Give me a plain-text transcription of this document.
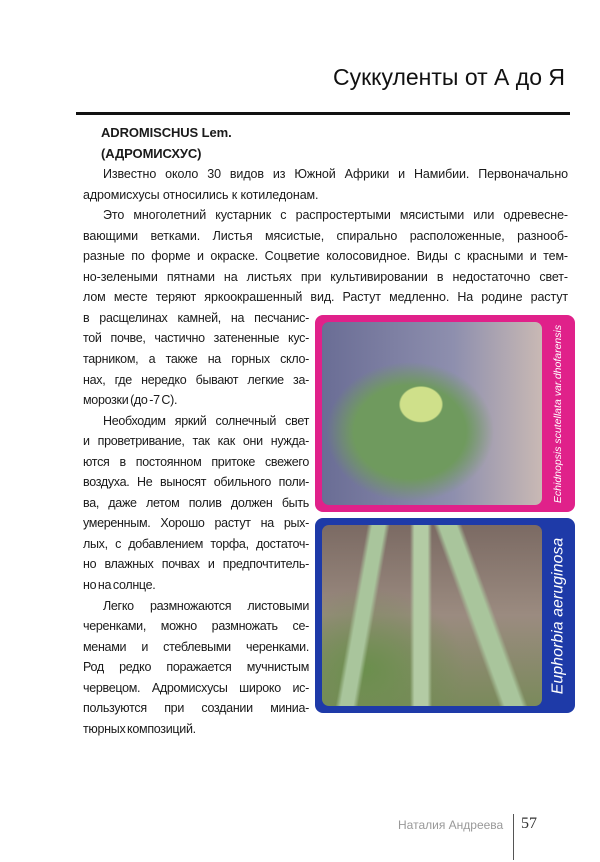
Суккуленты от А до Я
ADROMISCHUS Lem.
(АДРОМИСХУС)
Известно около 30 видов из Южной Африки и Намибии. Первоначально
адромисхусы относились к котиледонам.
Это многолетний кустарник с распростертыми мясистыми или одревесне-
вающими ветками. Листья мясистые, спирально расположенные, разнооб-
разные по форме и окраске. Соцветие колосовидное. Виды с красными и тем-
но-зелеными пятнами на листьях при культивировании в недостаточно свет-
лом месте теряют яркоокрашенный вид. Растут медленно. На родине растут
в расщелинах камней, на песчанис-
той почве, частично затененные кус-
тарником, а также на горных скло-
нах, где нередко бывают легкие за-
морозки (до -7 С).
Необходим яркий солнечный свет
и проветривание, так как они нужда-
ются в постоянном притоке свежего
воздуха. Не выносят обильного поли-
ва, даже летом полив должен быть
умеренным. Хорошо растут на рых-
лых, с добавлением торфа, достаточ-
но влажных почвах и предпочтитель-
но на солнце.
Легко размножаются листовыми
черенками, можно размножать се-
менами и стеблевыми черенками.
Род редко поражается мучнистым
червецом. Адромисхусы широко ис-
пользуются при создании миниа-
тюрных композиций.
Echidnopsis scutellata var.dhofarensis
Euphorbia aeruginosa
Наталия Андреева 57
